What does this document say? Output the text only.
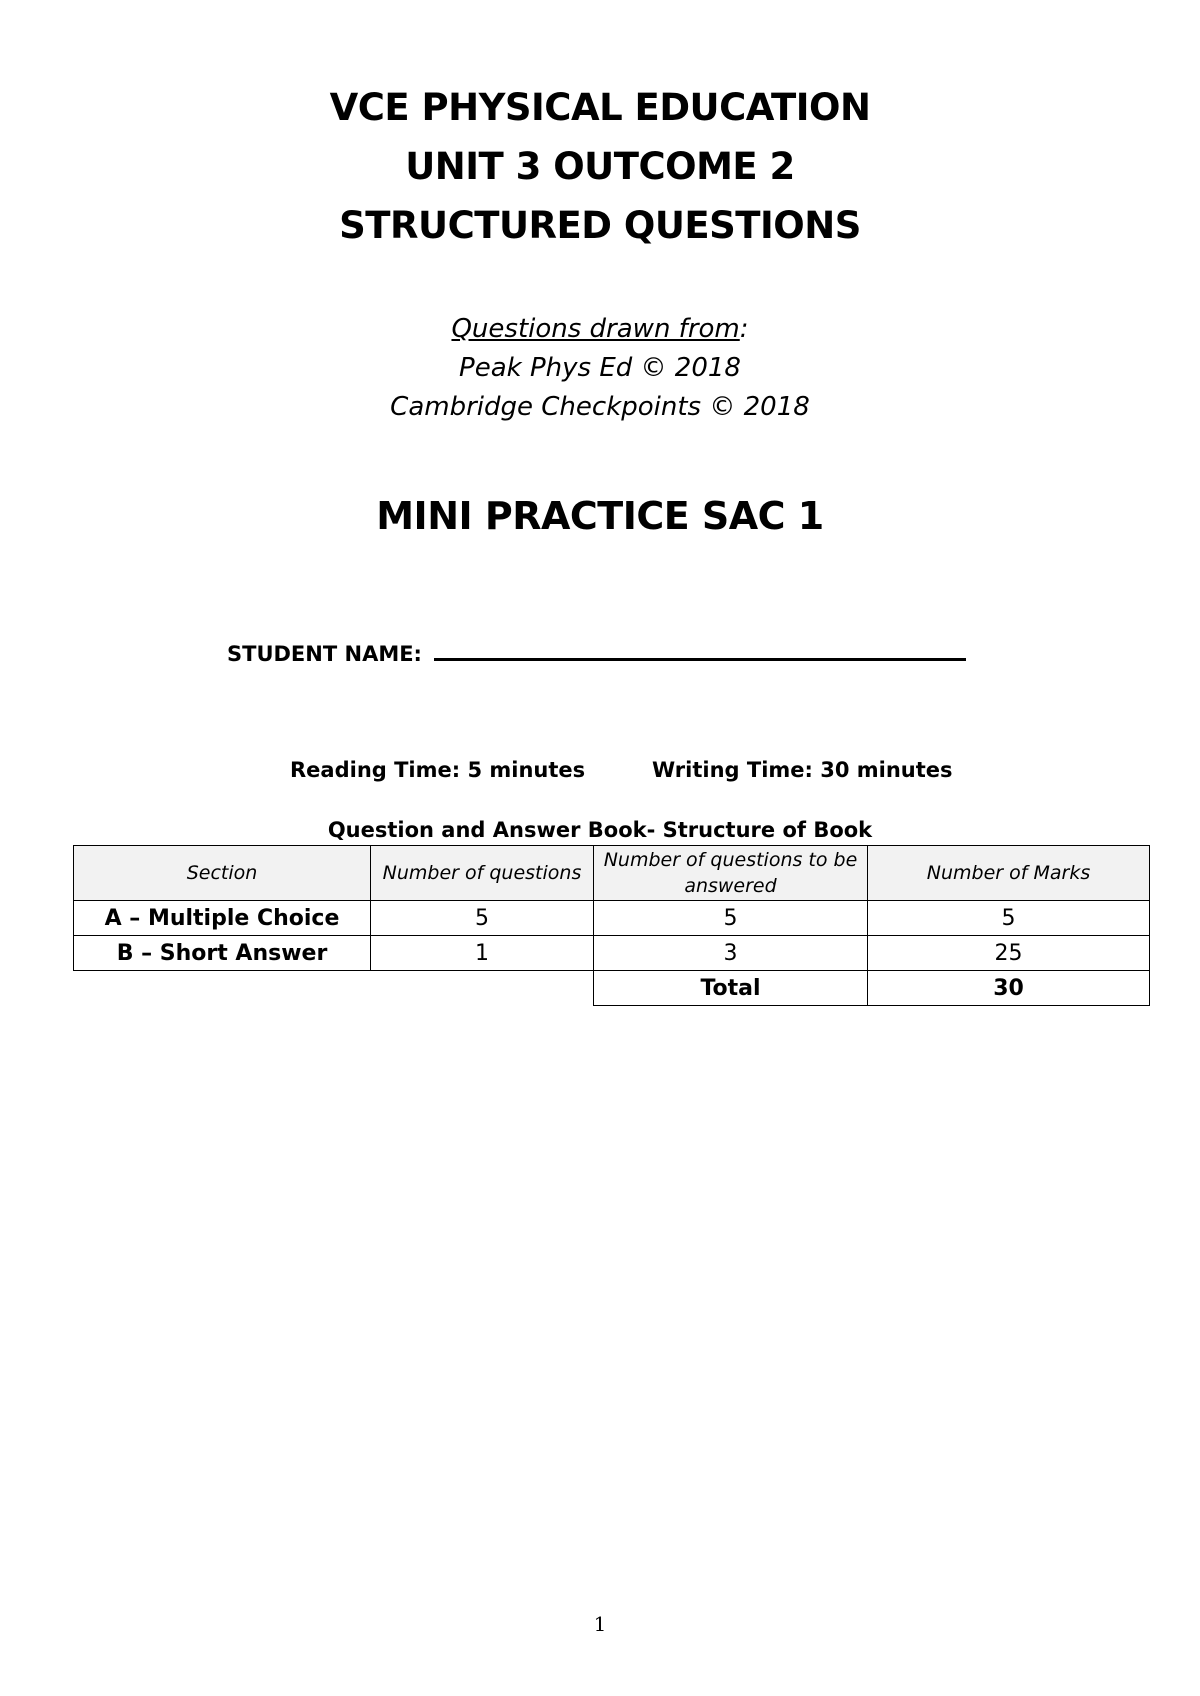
VCE PHYSICAL EDUCATION
UNIT 3 OUTCOME 2
STRUCTURED QUESTIONS
Questions drawn from:
Peak Phys Ed © 2018
Cambridge Checkpoints © 2018
MINI PRACTICE SAC 1
STUDENT NAME:
Reading Time: 5 minutes	Writing Time: 30 minutes
Question and Answer Book- Structure of Book
Section	Number of questions	Number of questions to be answered	Number of Marks
A – Multiple Choice	5	5	5
B – Short Answer	1	3	25
		Total	30
1
